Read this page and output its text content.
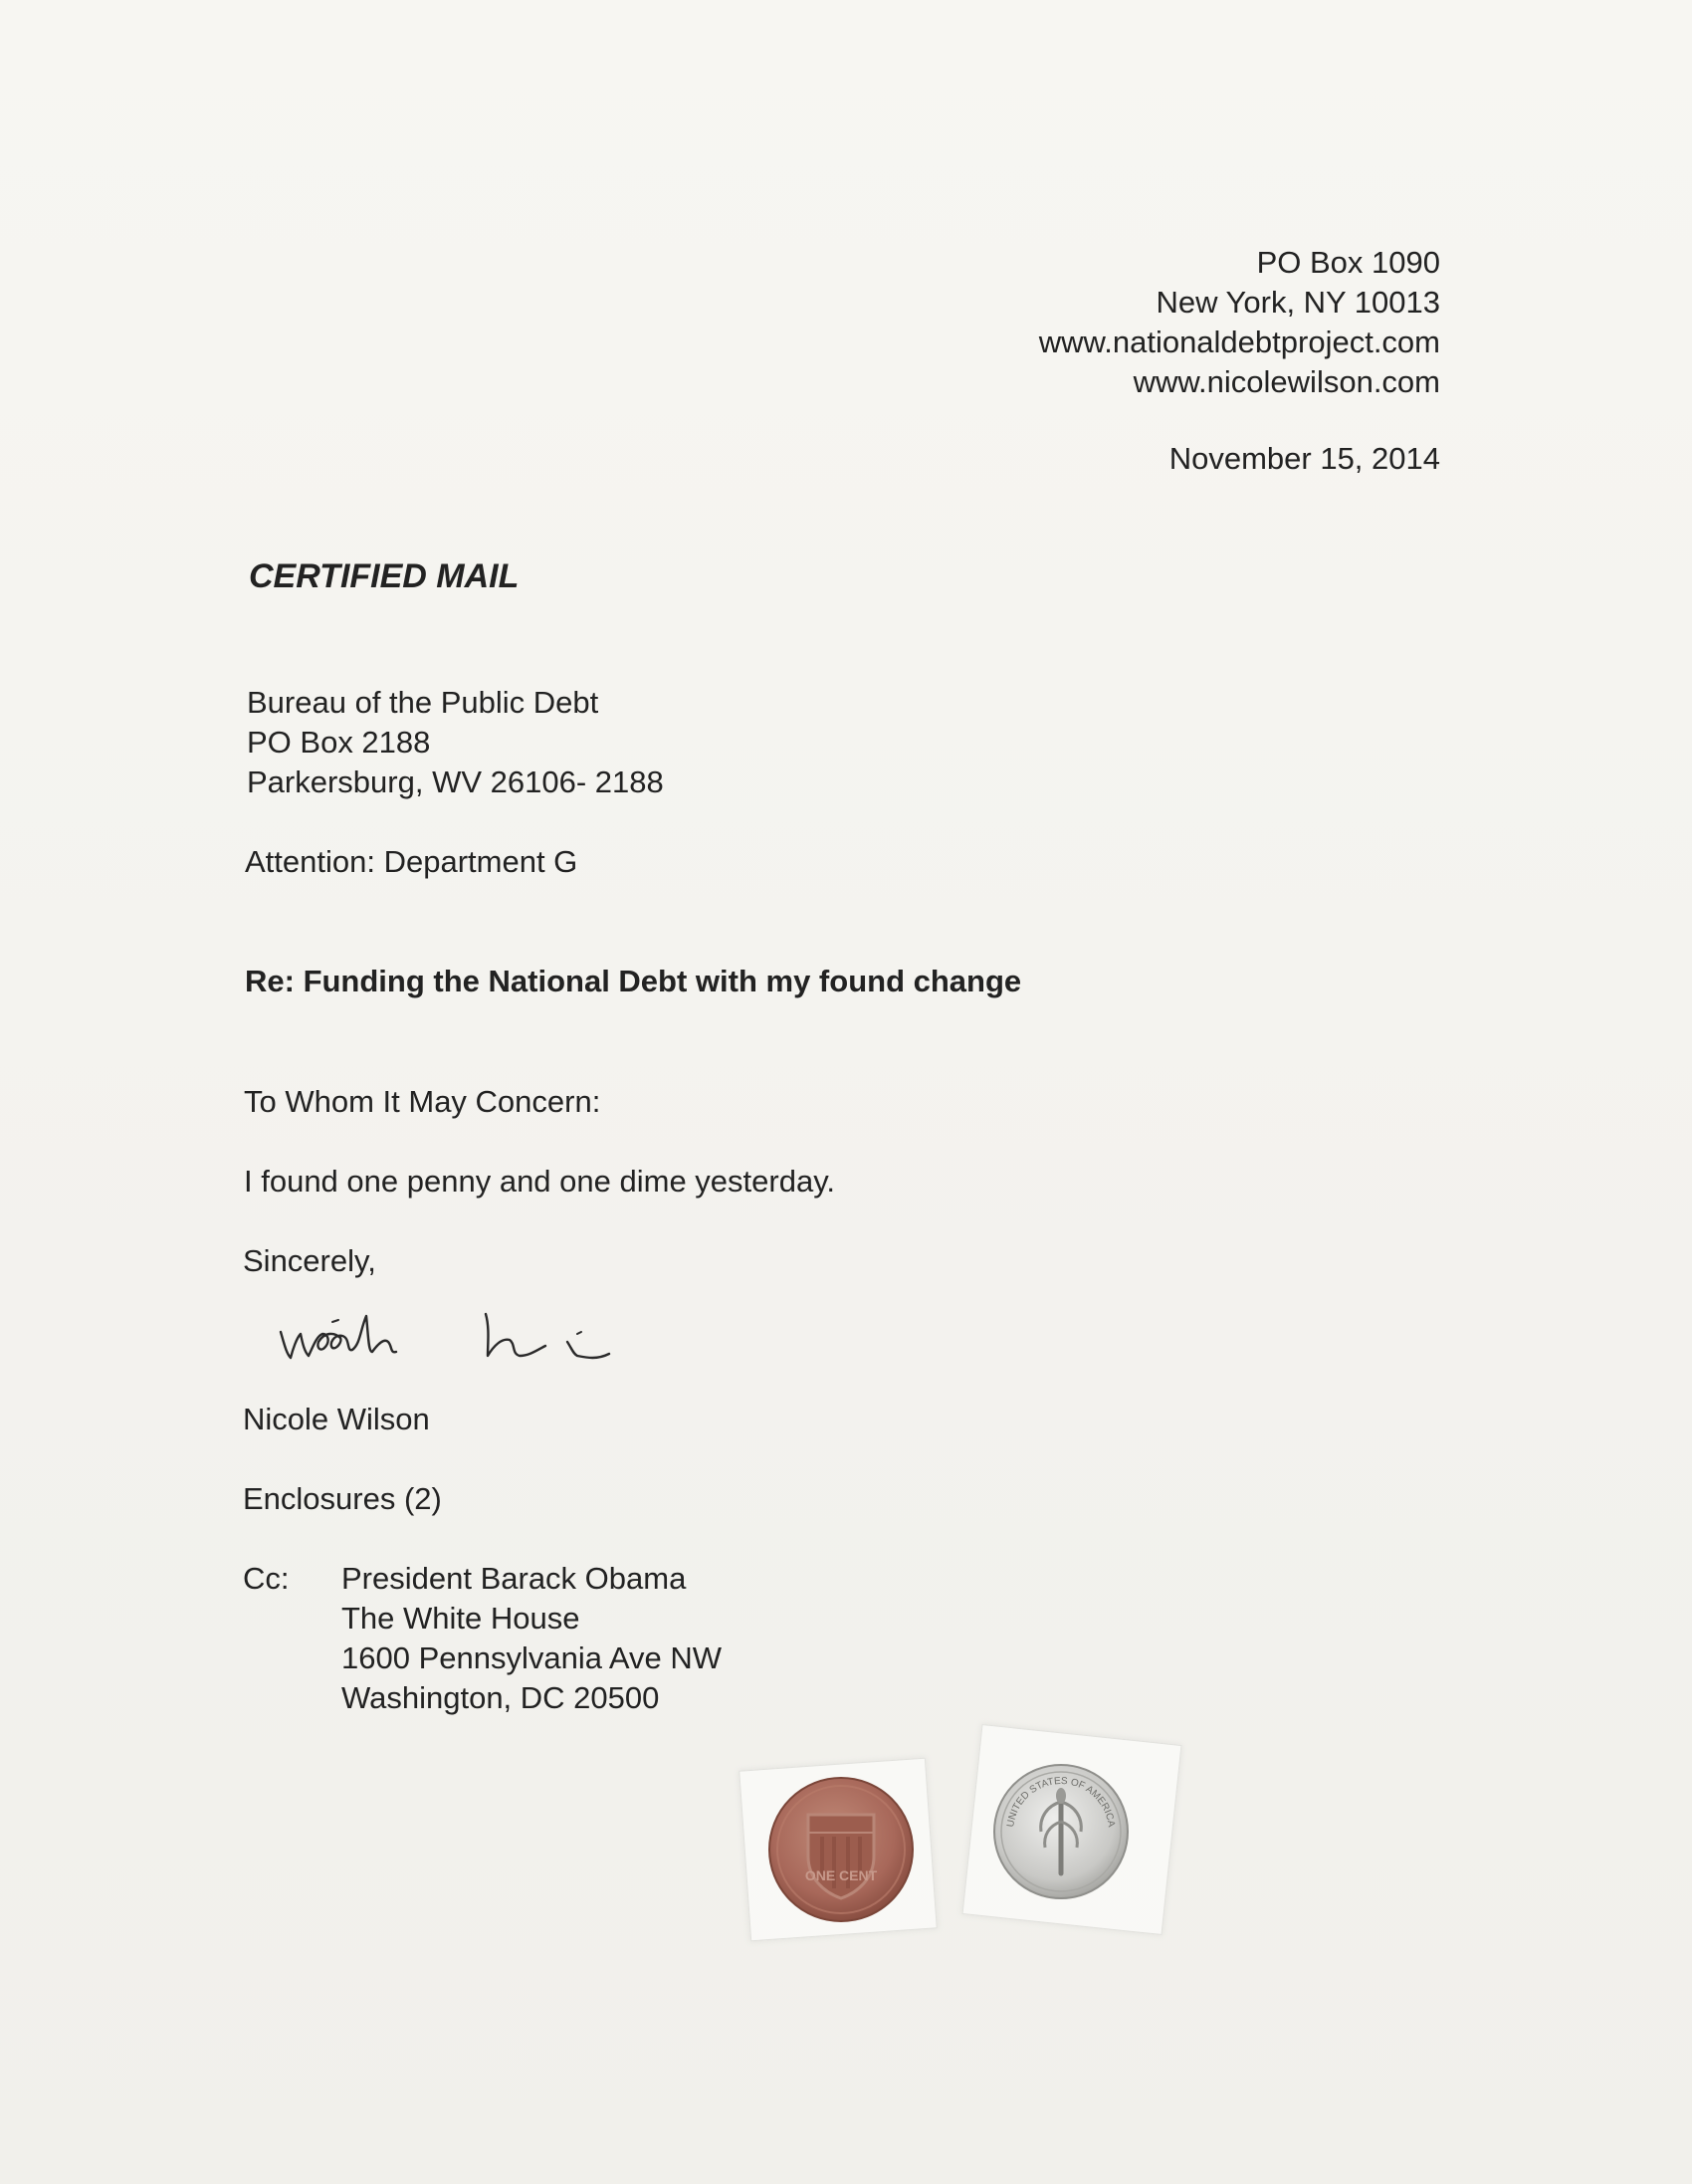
PO Box 1090
New York, NY 10013
www.nationaldebtproject.com
www.nicolewilson.com
November 15, 2014
CERTIFIED MAIL
Bureau of the Public Debt
PO Box 2188
Parkersburg, WV 26106- 2188
Attention: Department G
Re: Funding the National Debt with my found change
To Whom It May Concern:
I found one penny and one dime yesterday.
Sincerely,
Nicole Wilson
Enclosures (2)
Cc: President Barack Obama
The White House
1600 Pennsylvania Ave NW
Washington, DC 20500
ONE CENT
UNITED STATES OF AMERICA
